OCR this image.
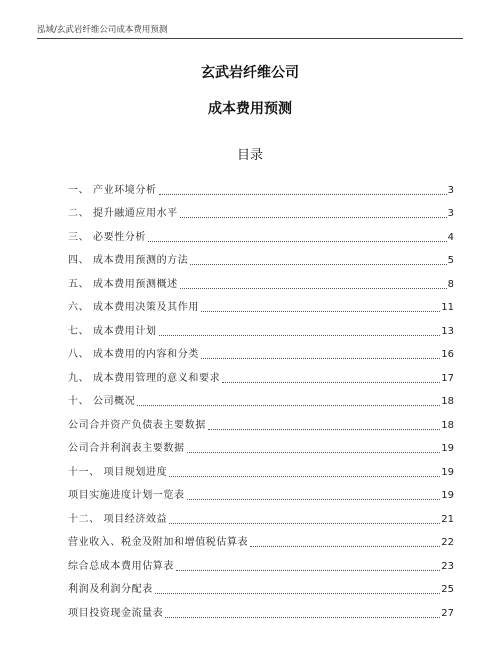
泓域/玄武岩纤维公司成本费用预测
玄武岩纤维公司
成本费用预测
目录
一、 产业环境分析	3
二、 提升融通应用水平	3
三、 必要性分析	4
四、 成本费用预测的方法	5
五、 成本费用预测概述	8
六、 成本费用决策及其作用	11
七、 成本费用计划	13
八、 成本费用的内容和分类	16
九、 成本费用管理的意义和要求	17
十、 公司概况	18
公司合并资产负债表主要数据	18
公司合并利润表主要数据	19
十一、 项目规划进度	19
项目实施进度计划一览表	19
十二、 项目经济效益	21
营业收入、税金及附加和增值税估算表	22
综合总成本费用估算表	23
利润及利润分配表	25
项目投资现金流量表	27
